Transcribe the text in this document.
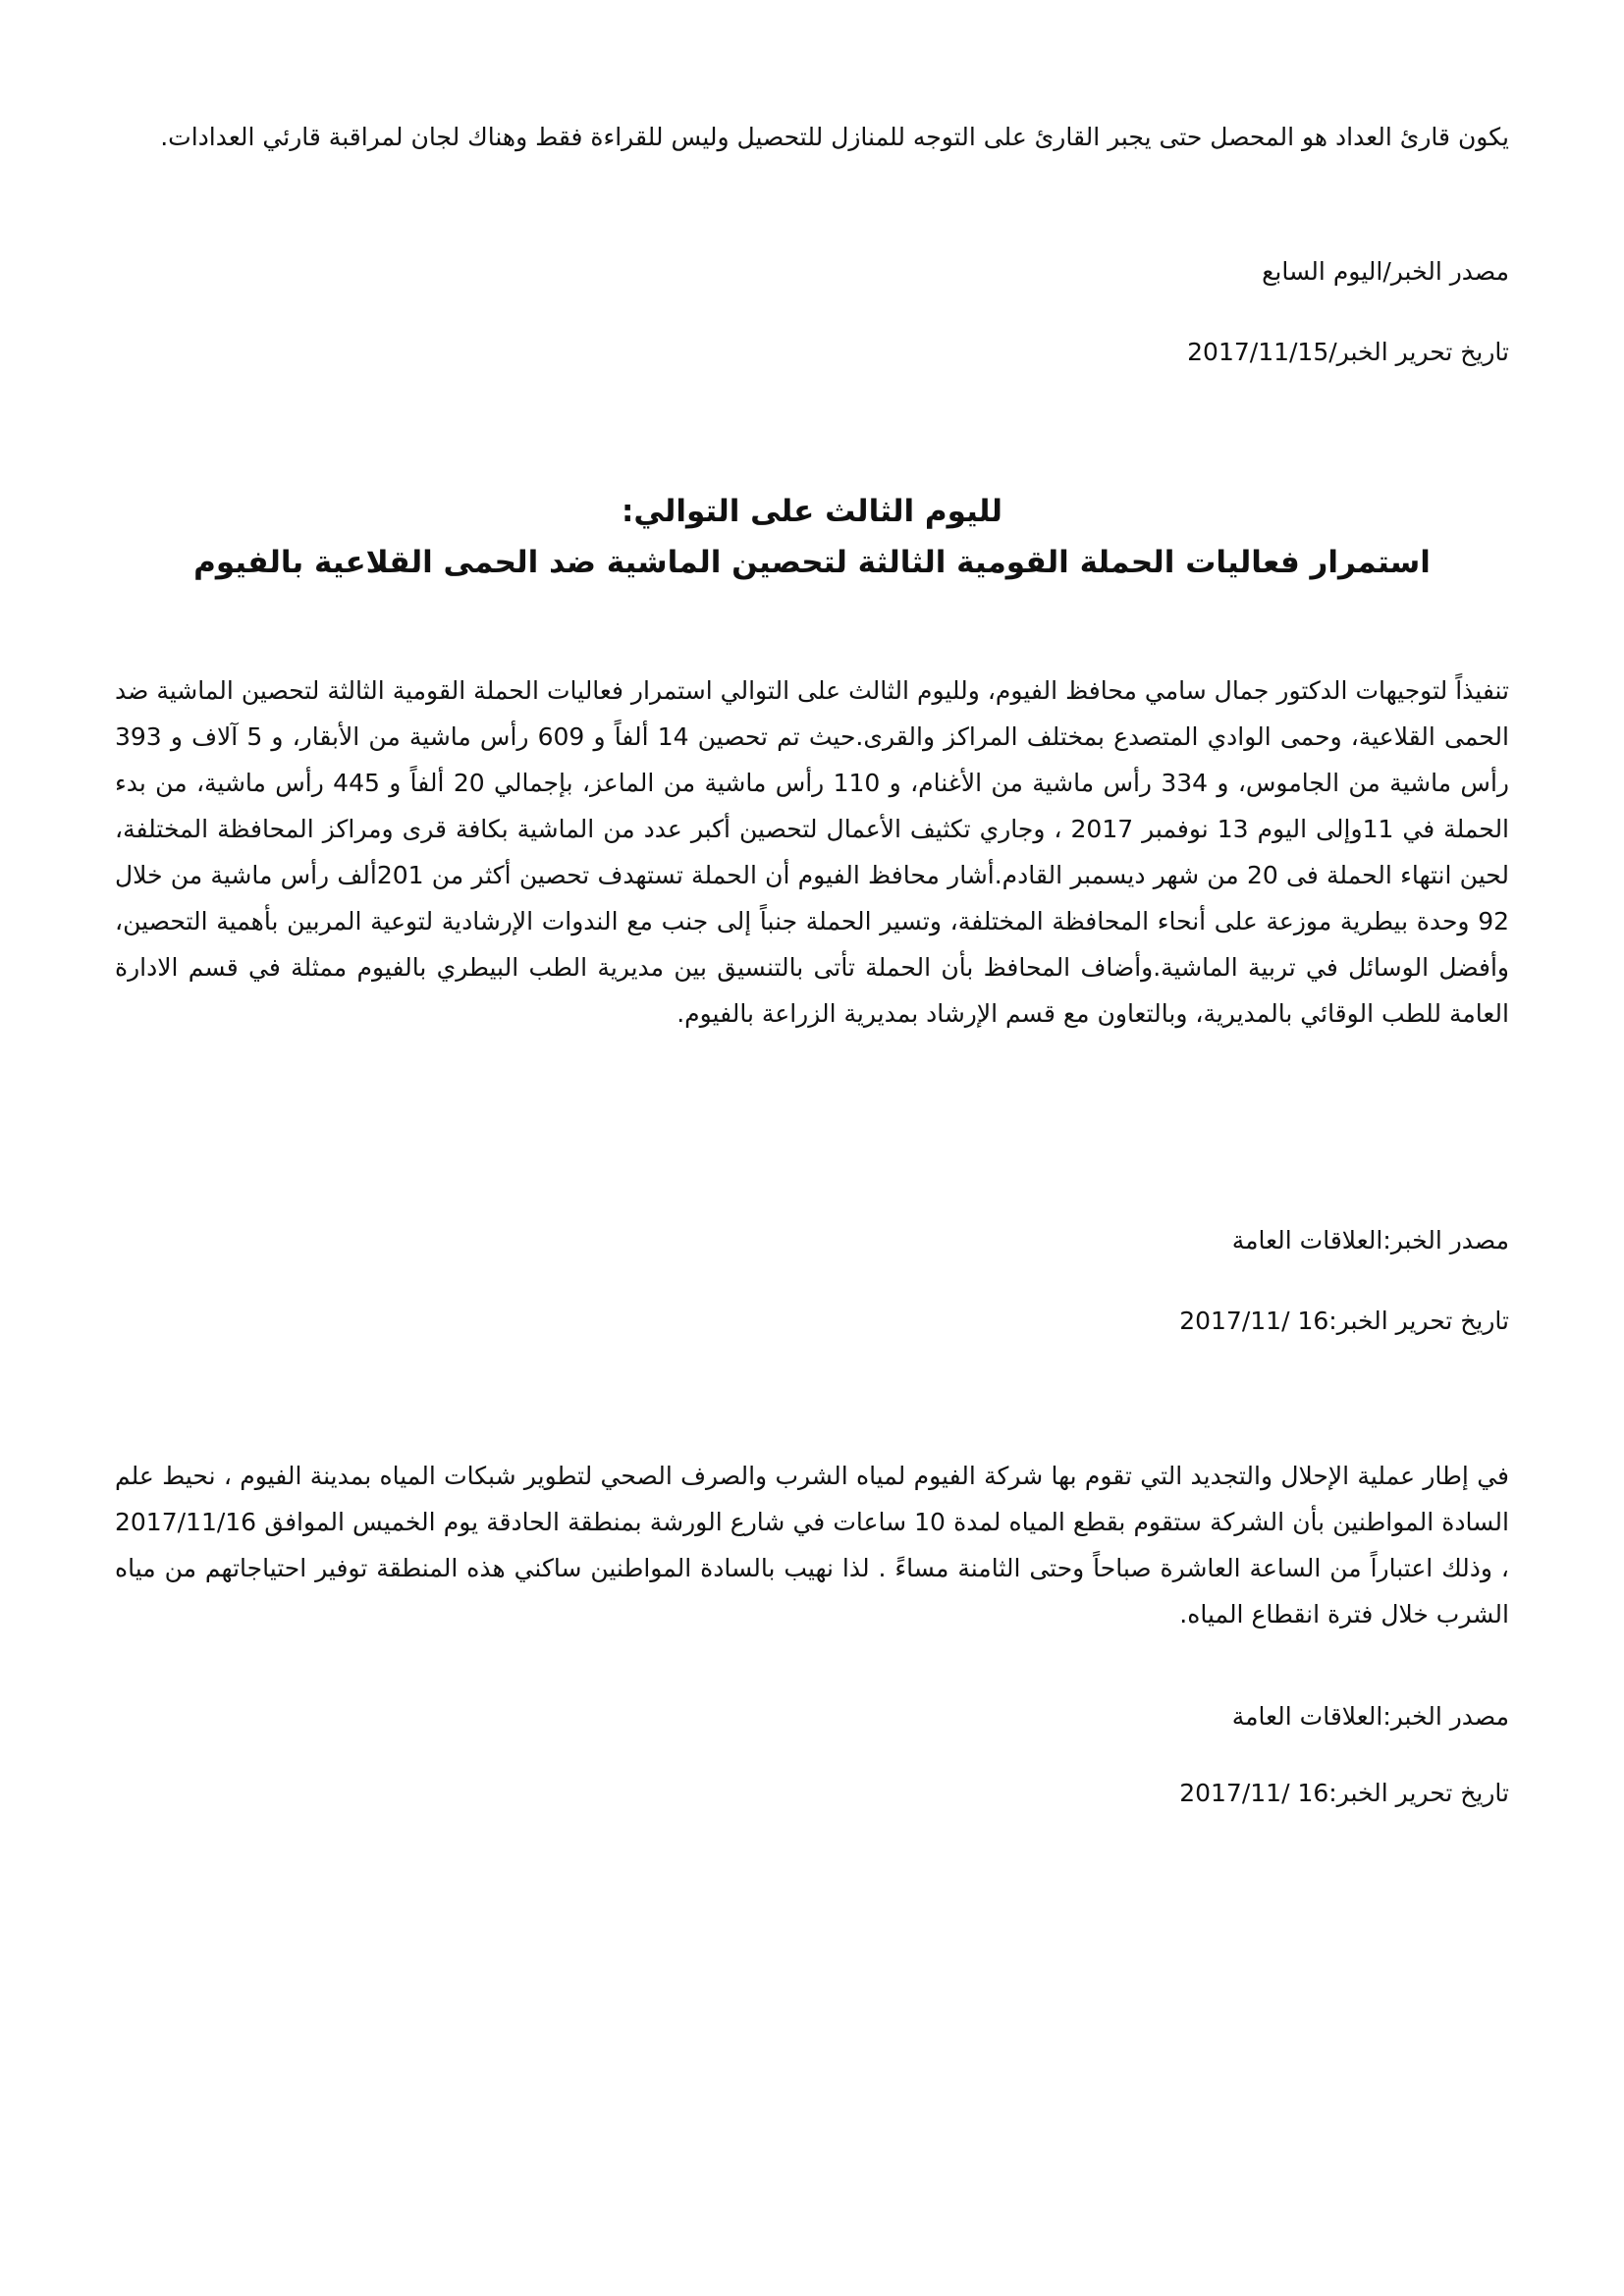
يكون قارئ العداد هو المحصل حتى يجبر القارئ على التوجه للمنازل للتحصيل وليس للقراءة فقط وهناك لجان لمراقبة قارئي العدادات.

مصدر الخبر/اليوم السابع

تاريخ تحرير الخبر/2017/11/15

لليوم الثالث على التوالي:

استمرار فعاليات الحملة القومية الثالثة لتحصين الماشية ضد الحمى القلاعية بالفيوم

تنفيذاً لتوجيهات الدكتور جمال سامي محافظ الفيوم، ولليوم الثالث على التوالي استمرار فعاليات الحملة القومية الثالثة لتحصين الماشية ضد الحمى القلاعية، وحمى الوادي المتصدع بمختلف المراكز والقرى.حيث تم تحصين 14 ألفاً و 609 رأس ماشية من الأبقار، و 5 آلاف و 393 رأس ماشية من الجاموس، و 334 رأس ماشية من الأغنام، و 110 رأس ماشية من الماعز، بإجمالي 20 ألفاً و 445 رأس ماشية، من بدء الحملة في 11وإلى اليوم 13 نوفمبر 2017 ، وجاري تكثيف الأعمال لتحصين أكبر عدد من الماشية بكافة قرى ومراكز المحافظة المختلفة، لحين انتهاء الحملة فى 20 من شهر ديسمبر القادم.أشار محافظ الفيوم أن الحملة تستهدف تحصين أكثر من 201ألف رأس ماشية من خلال 92 وحدة بيطرية موزعة على أنحاء المحافظة المختلفة، وتسير الحملة جنباً إلى جنب مع الندوات الإرشادية لتوعية المربين بأهمية التحصين، وأفضل الوسائل في تربية الماشية.وأضاف المحافظ بأن الحملة تأتى بالتنسيق بين مديرية الطب البيطري بالفيوم ممثلة في قسم الادارة العامة للطب الوقائي بالمديرية، وبالتعاون مع قسم الإرشاد بمديرية الزراعة بالفيوم.

مصدر الخبر:العلاقات العامة

تاريخ تحرير الخبر:16 /2017/11

في إطار عملية الإحلال والتجديد التي تقوم بها شركة الفيوم لمياه الشرب والصرف الصحي لتطوير شبكات المياه بمدينة الفيوم ، نحيط علم السادة المواطنين بأن الشركة ستقوم بقطع المياه لمدة 10 ساعات في شارع الورشة بمنطقة الحادقة يوم الخميس الموافق 2017/11/16 ، وذلك اعتباراً من الساعة العاشرة صباحاً وحتى الثامنة مساءً . لذا نهيب بالسادة المواطنين ساكني هذه المنطقة توفير احتياجاتهم من مياه الشرب خلال فترة انقطاع المياه.

مصدر الخبر:العلاقات العامة

تاريخ تحرير الخبر:16 /2017/11
